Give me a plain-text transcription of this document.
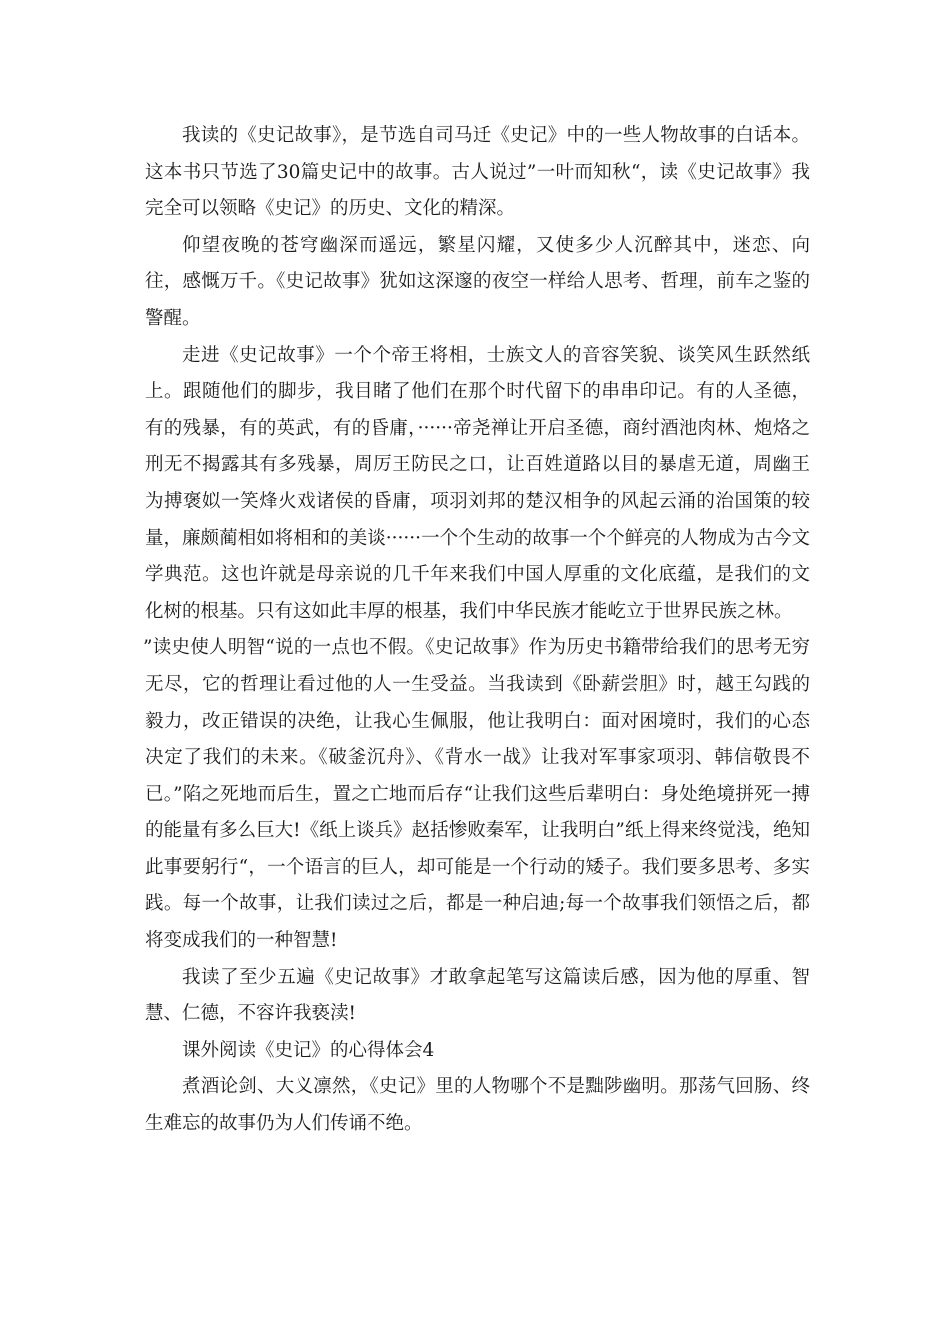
我读的《史记故事》，是节选自司马迁《史记》中的一些人物故事的白话本。这本书只节选了30篇史记中的故事。古人说过”一叶而知秋“，读《史记故事》我完全可以领略《史记》的历史、文化的精深。

仰望夜晚的苍穹幽深而遥远，繁星闪耀，又使多少人沉醉其中，迷恋、向往，感慨万千。《史记故事》犹如这深邃的夜空一样给人思考、哲理，前车之鉴的警醒。

走进《史记故事》一个个帝王将相，士族文人的音容笑貌、谈笑风生跃然纸上。跟随他们的脚步，我目睹了他们在那个时代留下的串串印记。有的人圣德，有的残暴，有的英武，有的昏庸，······帝尧禅让开启圣德，商纣酒池肉林、炮烙之刑无不揭露其有多残暴，周厉王防民之口，让百姓道路以目的暴虐无道，周幽王为搏褒姒一笑烽火戏诸侯的昏庸，项羽刘邦的楚汉相争的风起云涌的治国策的较量，廉颇蔺相如将相和的美谈······一个个生动的故事一个个鲜亮的人物成为古今文学典范。这也许就是母亲说的几千年来我们中国人厚重的文化底蕴，是我们的文化树的根基。只有这如此丰厚的根基，我们中华民族才能屹立于世界民族之林。

”读史使人明智“说的一点也不假。《史记故事》作为历史书籍带给我们的思考无穷无尽，它的哲理让看过他的人一生受益。当我读到《卧薪尝胆》时，越王勾践的毅力，改正错误的决绝，让我心生佩服，他让我明白：面对困境时，我们的心态决定了我们的未来。《破釜沉舟》、《背水一战》让我对军事家项羽、韩信敬畏不已。”陷之死地而后生，置之亡地而后存“让我们这些后辈明白：身处绝境拼死一搏的能量有多么巨大!《纸上谈兵》赵括惨败秦军，让我明白”纸上得来终觉浅，绝知此事要躬行“，一个语言的巨人，却可能是一个行动的矮子。我们要多思考、多实践。每一个故事，让我们读过之后，都是一种启迪;每一个故事我们领悟之后，都将变成我们的一种智慧!

我读了至少五遍《史记故事》才敢拿起笔写这篇读后感，因为他的厚重、智慧、仁德，不容许我亵渎!

课外阅读《史记》的心得体会4

煮酒论剑、大义凛然，《史记》里的人物哪个不是黜陟幽明。那荡气回肠、终生难忘的故事仍为人们传诵不绝。
